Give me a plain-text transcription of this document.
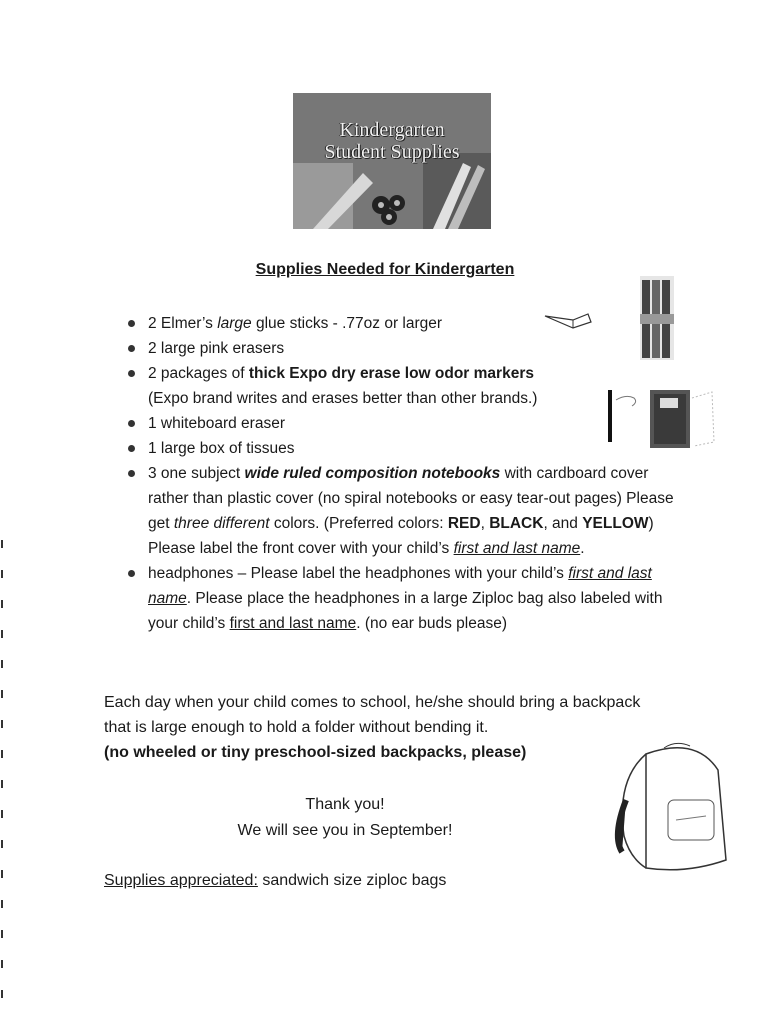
Kindergarten
Student Supplies
Supplies Needed for Kindergarten
2 Elmer’s large glue sticks - .77oz or larger
2 large pink erasers
2 packages of thick Expo dry erase low odor markers
(Expo brand writes and erases better than other brands.)
1 whiteboard eraser
1 large box of tissues
3 one subject wide ruled composition notebooks with cardboard cover rather than plastic cover (no spiral notebooks or easy tear-out pages) Please get three different colors. (Preferred colors: RED, BLACK, and YELLOW) Please label the front cover with your child’s first and last name.
headphones – Please label the headphones with your child’s first and last name. Please place the headphones in a large Ziploc bag also labeled with your child’s first and last name. (no ear buds please)
Each day when your child comes to school, he/she should bring a backpack that is large enough to hold a folder without bending it.
(no wheeled or tiny preschool-sized backpacks, please)
Thank you!
We will see you in September!
Supplies appreciated: sandwich size ziploc bags
